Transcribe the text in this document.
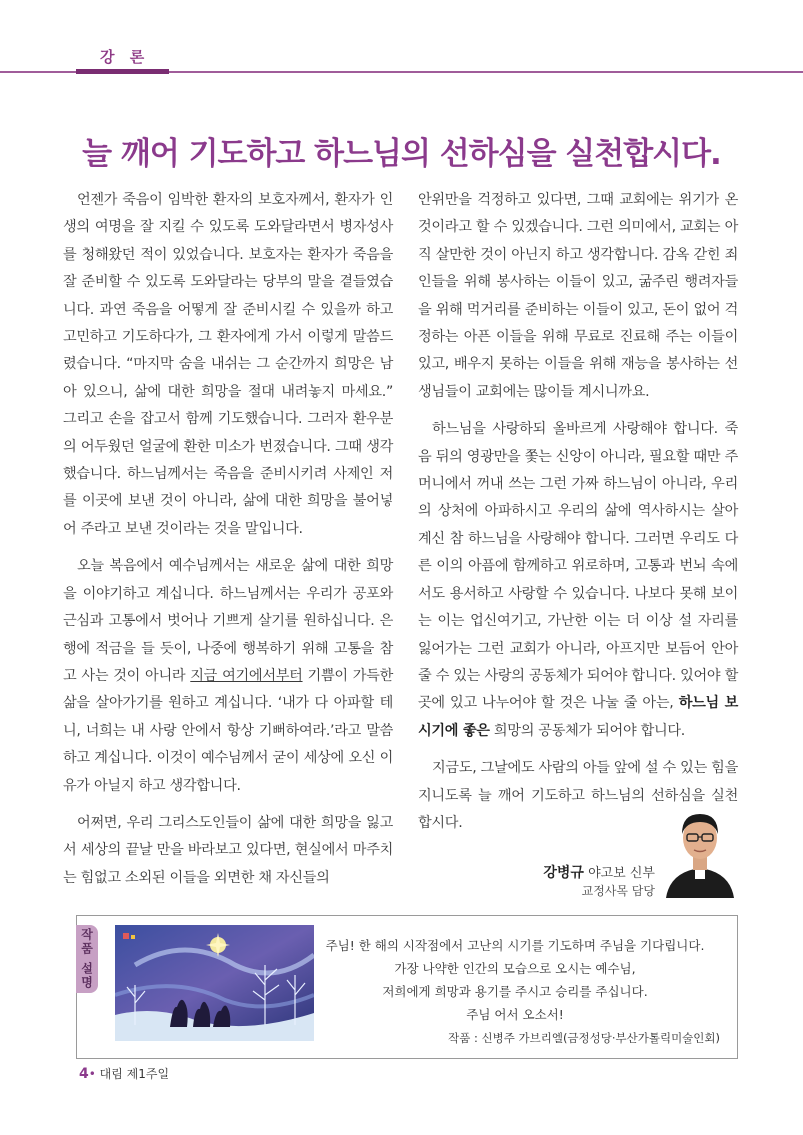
강 론
늘 깨어 기도하고 하느님의 선하심을 실천합시다.

언젠가 죽음이 임박한 환자의 보호자께서, 환자가 인생의 여명을 잘 지킬 수 있도록 도와달라면서 병자성사를 청해왔던 적이 있었습니다. 보호자는 환자가 죽음을 잘 준비할 수 있도록 도와달라는 당부의 말을 곁들였습니다. 과연 죽음을 어떻게 잘 준비시킬 수 있을까 하고 고민하고 기도하다가, 그 환자에게 가서 이렇게 말씀드렸습니다. “마지막 숨을 내쉬는 그 순간까지 희망은 남아 있으니, 삶에 대한 희망을 절대 내려놓지 마세요.” 그리고 손을 잡고서 함께 기도했습니다. 그러자 환우분의 어두웠던 얼굴에 환한 미소가 번졌습니다. 그때 생각했습니다. 하느님께서는 죽음을 준비시키려 사제인 저를 이곳에 보낸 것이 아니라, 삶에 대한 희망을 불어넣어 주라고 보낸 것이라는 것을 말입니다.

오늘 복음에서 예수님께서는 새로운 삶에 대한 희망을 이야기하고 계십니다. 하느님께서는 우리가 공포와 근심과 고통에서 벗어나 기쁘게 살기를 원하십니다. 은행에 적금을 들 듯이, 나중에 행복하기 위해 고통을 참고 사는 것이 아니라 지금 여기에서부터 기쁨이 가득한 삶을 살아가기를 원하고 계십니다. ‘내가 다 아파할 테니, 너희는 내 사랑 안에서 항상 기뻐하여라.’라고 말씀하고 계십니다. 이것이 예수님께서 굳이 세상에 오신 이유가 아닐지 하고 생각합니다.

어쩌면, 우리 그리스도인들이 삶에 대한 희망을 잃고서 세상의 끝날 만을 바라보고 있다면, 현실에서 마주치는 힘없고 소외된 이들을 외면한 채 자신들의

안위만을 걱정하고 있다면, 그때 교회에는 위기가 온 것이라고 할 수 있겠습니다. 그런 의미에서, 교회는 아직 살만한 것이 아닌지 하고 생각합니다. 감옥 갇힌 죄인들을 위해 봉사하는 이들이 있고, 굶주린 행려자들을 위해 먹거리를 준비하는 이들이 있고, 돈이 없어 걱정하는 아픈 이들을 위해 무료로 진료해 주는 이들이 있고, 배우지 못하는 이들을 위해 재능을 봉사하는 선생님들이 교회에는 많이들 계시니까요.

하느님을 사랑하되 올바르게 사랑해야 합니다. 죽음 뒤의 영광만을 쫓는 신앙이 아니라, 필요할 때만 주머니에서 꺼내 쓰는 그런 가짜 하느님이 아니라, 우리의 상처에 아파하시고 우리의 삶에 역사하시는 살아계신 참 하느님을 사랑해야 합니다. 그러면 우리도 다른 이의 아픔에 함께하고 위로하며, 고통과 번뇌 속에서도 용서하고 사랑할 수 있습니다. 나보다 못해 보이는 이는 업신여기고, 가난한 이는 더 이상 설 자리를 잃어가는 그런 교회가 아니라, 아프지만 보듬어 안아줄 수 있는 사랑의 공동체가 되어야 합니다. 있어야 할 곳에 있고 나누어야 할 것은 나눌 줄 아는, 하느님 보시기에 좋은 희망의 공동체가 되어야 합니다.

지금도, 그날에도 사람의 아들 앞에 설 수 있는 힘을 지니도록 늘 깨어 기도하고 하느님의 선하심을 실천합시다.

강병규 야고보 신부
교정사목 담당
작품 설명	주님! 한 해의 시작점에서 고난의 시기를 기도하며 주님을 기다립니다.
가장 나약한 인간의 모습으로 오시는 예수님,
저희에게 희망과 용기를 주시고 승리를 주십니다.
주님 어서 오소서!
작품 : 신병주 가브리엘(금정성당·부산가톨릭미술인회)
4• 대림 제1주일
